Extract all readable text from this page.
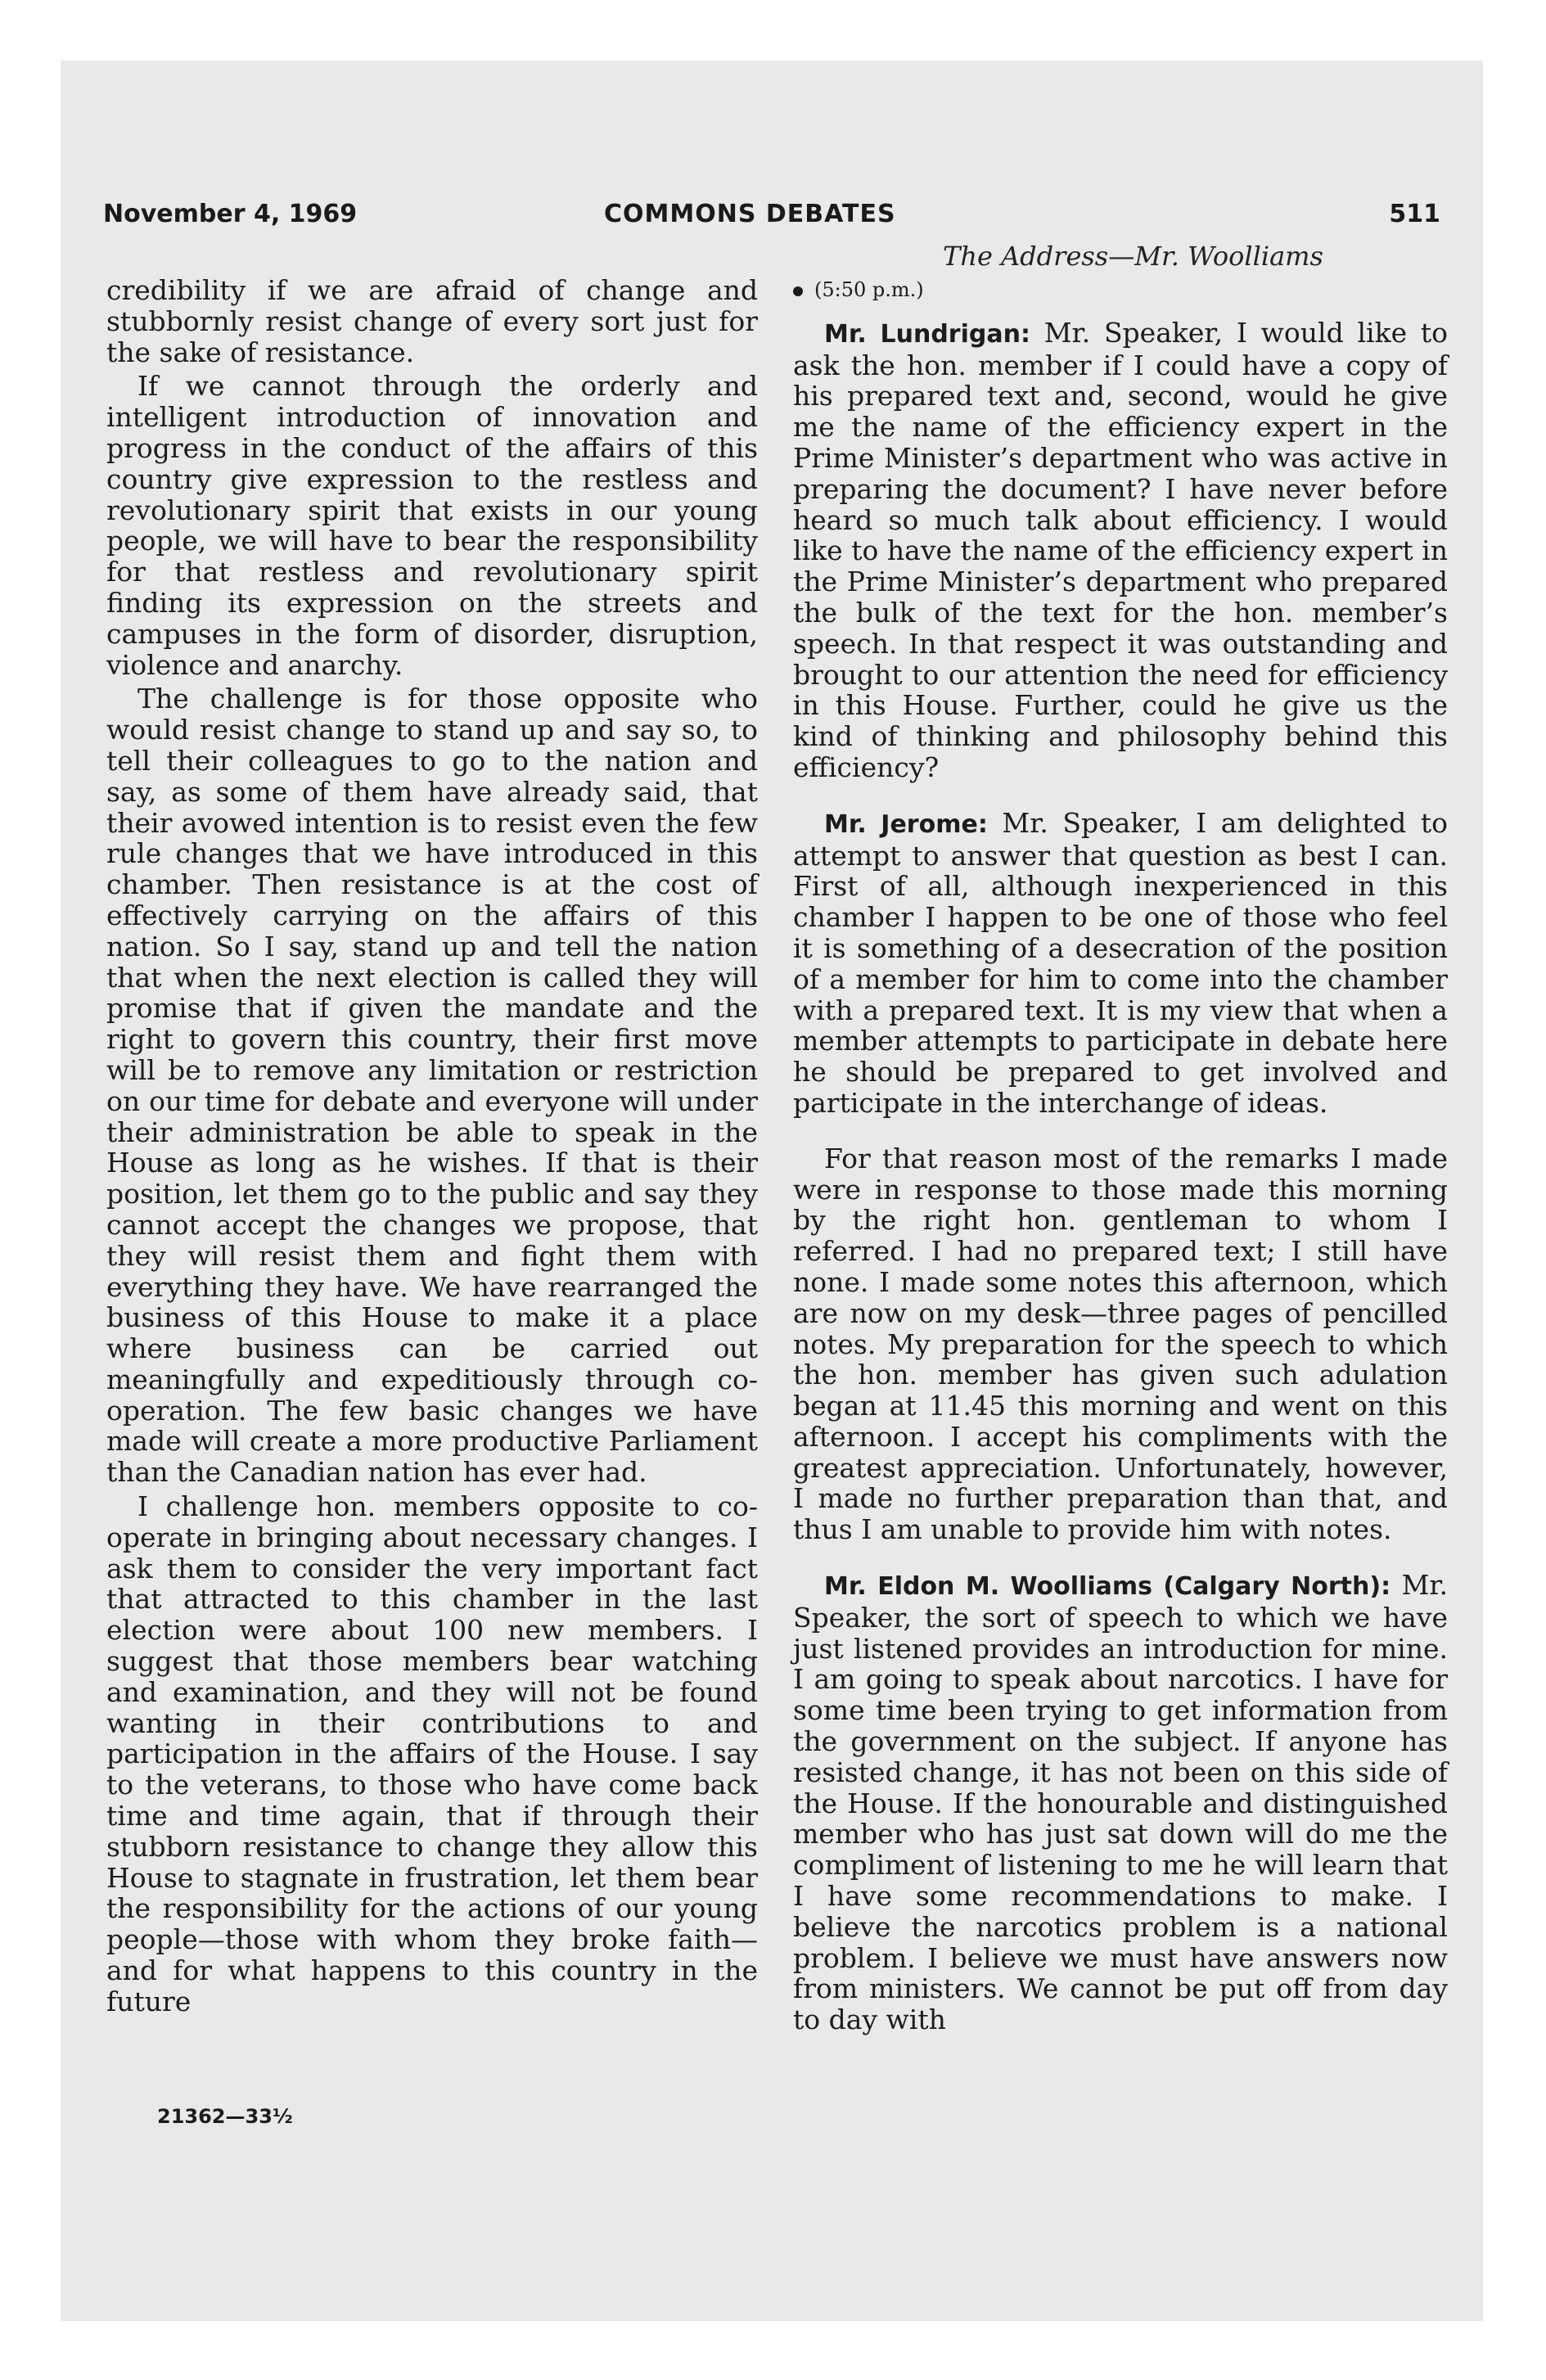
November 4, 1969	COMMONS DEBATES	511
The Address—Mr. Woolliams

credibility if we are afraid of change and stubbornly resist change of every sort just for the sake of resistance.

If we cannot through the orderly and intelligent introduction of innovation and progress in the conduct of the affairs of this country give expression to the restless and revolutionary spirit that exists in our young people, we will have to bear the responsibility for that restless and revolutionary spirit finding its expression on the streets and campuses in the form of disorder, disruption, violence and anarchy.

The challenge is for those opposite who would resist change to stand up and say so, to tell their colleagues to go to the nation and say, as some of them have already said, that their avowed intention is to resist even the few rule changes that we have introduced in this chamber. Then resistance is at the cost of effectively carrying on the affairs of this nation. So I say, stand up and tell the nation that when the next election is called they will promise that if given the mandate and the right to govern this country, their first move will be to remove any limitation or restriction on our time for debate and everyone will under their administration be able to speak in the House as long as he wishes. If that is their position, let them go to the public and say they cannot accept the changes we propose, that they will resist them and fight them with everything they have. We have rearranged the business of this House to make it a place where business can be carried out meaningfully and expeditiously through co-operation. The few basic changes we have made will create a more productive Parliament than the Canadian nation has ever had.

I challenge hon. members opposite to co-operate in bringing about necessary changes. I ask them to consider the very important fact that attracted to this chamber in the last election were about 100 new members. I suggest that those members bear watching and examination, and they will not be found wanting in their contributions to and participation in the affairs of the House. I say to the veterans, to those who have come back time and time again, that if through their stubborn resistance to change they allow this House to stagnate in frustration, let them bear the responsibility for the actions of our young people—those with whom they broke faith—and for what happens to this country in the future

(5:50 p.m.)

Mr. Lundrigan: Mr. Speaker, I would like to ask the hon. member if I could have a copy of his prepared text and, second, would he give me the name of the efficiency expert in the Prime Minister’s department who was active in preparing the document? I have never before heard so much talk about efficiency. I would like to have the name of the efficiency expert in the Prime Minister’s department who prepared the bulk of the text for the hon. member’s speech. In that respect it was outstanding and brought to our attention the need for efficiency in this House. Further, could he give us the kind of thinking and philosophy behind this efficiency?

Mr. Jerome: Mr. Speaker, I am delighted to attempt to answer that question as best I can. First of all, although inexperienced in this chamber I happen to be one of those who feel it is something of a desecration of the position of a member for him to come into the chamber with a prepared text. It is my view that when a member attempts to participate in debate here he should be prepared to get involved and participate in the interchange of ideas.

For that reason most of the remarks I made were in response to those made this morning by the right hon. gentleman to whom I referred. I had no prepared text; I still have none. I made some notes this afternoon, which are now on my desk—three pages of pencilled notes. My preparation for the speech to which the hon. member has given such adulation began at 11.45 this morning and went on this afternoon. I accept his compliments with the greatest appreciation. Unfortunately, however, I made no further preparation than that, and thus I am unable to provide him with notes.

Mr. Eldon M. Woolliams (Calgary North): Mr. Speaker, the sort of speech to which we have just listened provides an introduction for mine. I am going to speak about narcotics. I have for some time been trying to get information from the government on the subject. If anyone has resisted change, it has not been on this side of the House. If the honourable and distinguished member who has just sat down will do me the compliment of listening to me he will learn that I have some recommendations to make. I believe the narcotics problem is a national problem. I believe we must have answers now from ministers. We cannot be put off from day to day with

21362—33½
